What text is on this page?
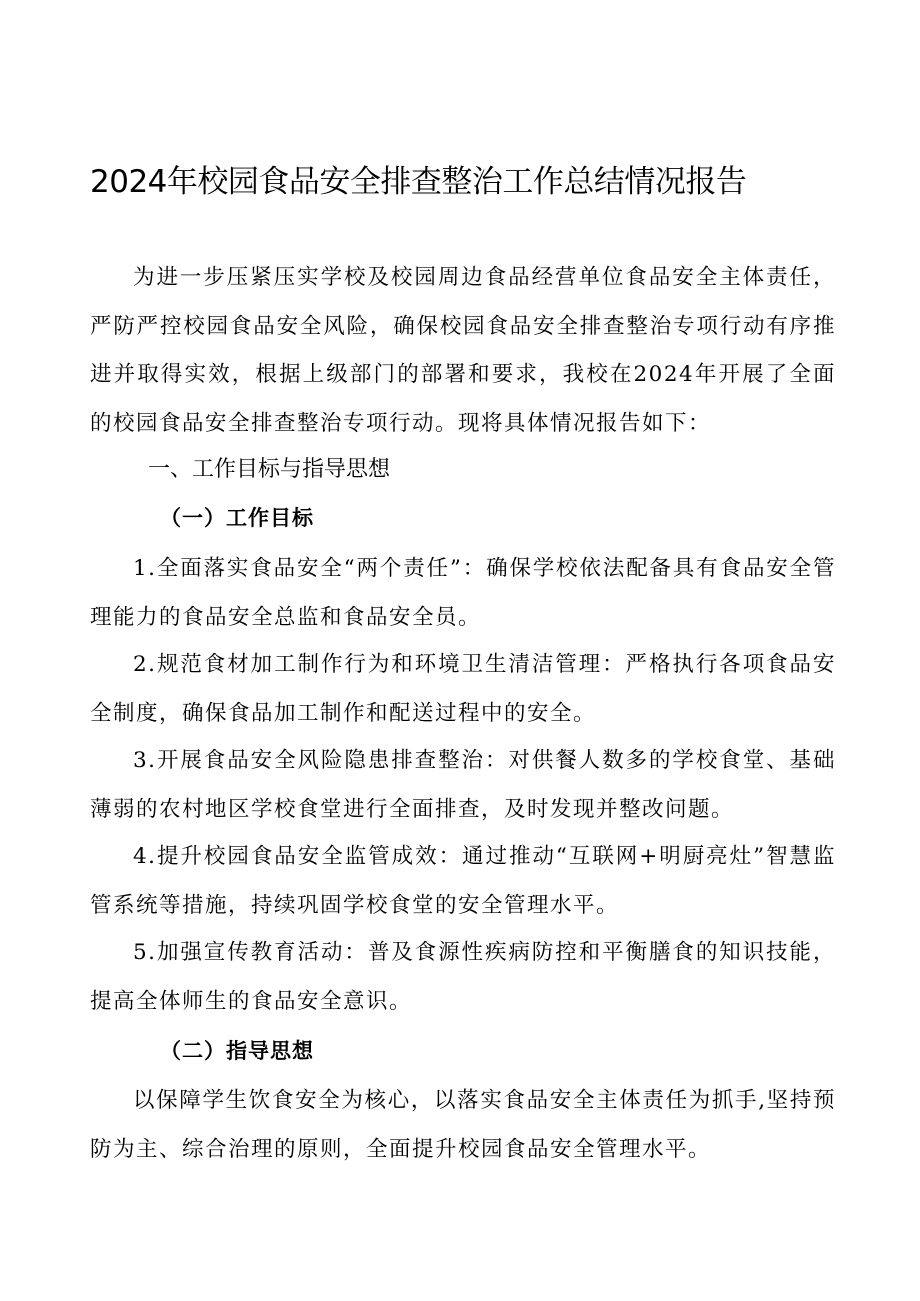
2024年校园食品安全排查整治工作总结情况报告

为进一步压紧压实学校及校园周边食品经营单位食品安全主体责任，严防严控校园食品安全风险，确保校园食品安全排查整治专项行动有序推进并取得实效，根据上级部门的部署和要求，我校在2024年开展了全面的校园食品安全排查整治专项行动。现将具体情况报告如下：

一、工作目标与指导思想
（一）工作目标

1.全面落实食品安全“两个责任”：确保学校依法配备具有食品安全管理能力的食品安全总监和食品安全员。

2.规范食材加工制作行为和环境卫生清洁管理：严格执行各项食品安全制度，确保食品加工制作和配送过程中的安全。

3.开展食品安全风险隐患排查整治：对供餐人数多的学校食堂、基础薄弱的农村地区学校食堂进行全面排查，及时发现并整改问题。

4.提升校园食品安全监管成效：通过推动“互联网+明厨亮灶”智慧监管系统等措施，持续巩固学校食堂的安全管理水平。

5.加强宣传教育活动：普及食源性疾病防控和平衡膳食的知识技能，提高全体师生的食品安全意识。

（二）指导思想

以保障学生饮食安全为核心，以落实食品安全主体责任为抓手,坚持预防为主、综合治理的原则，全面提升校园食品安全管理水平。
